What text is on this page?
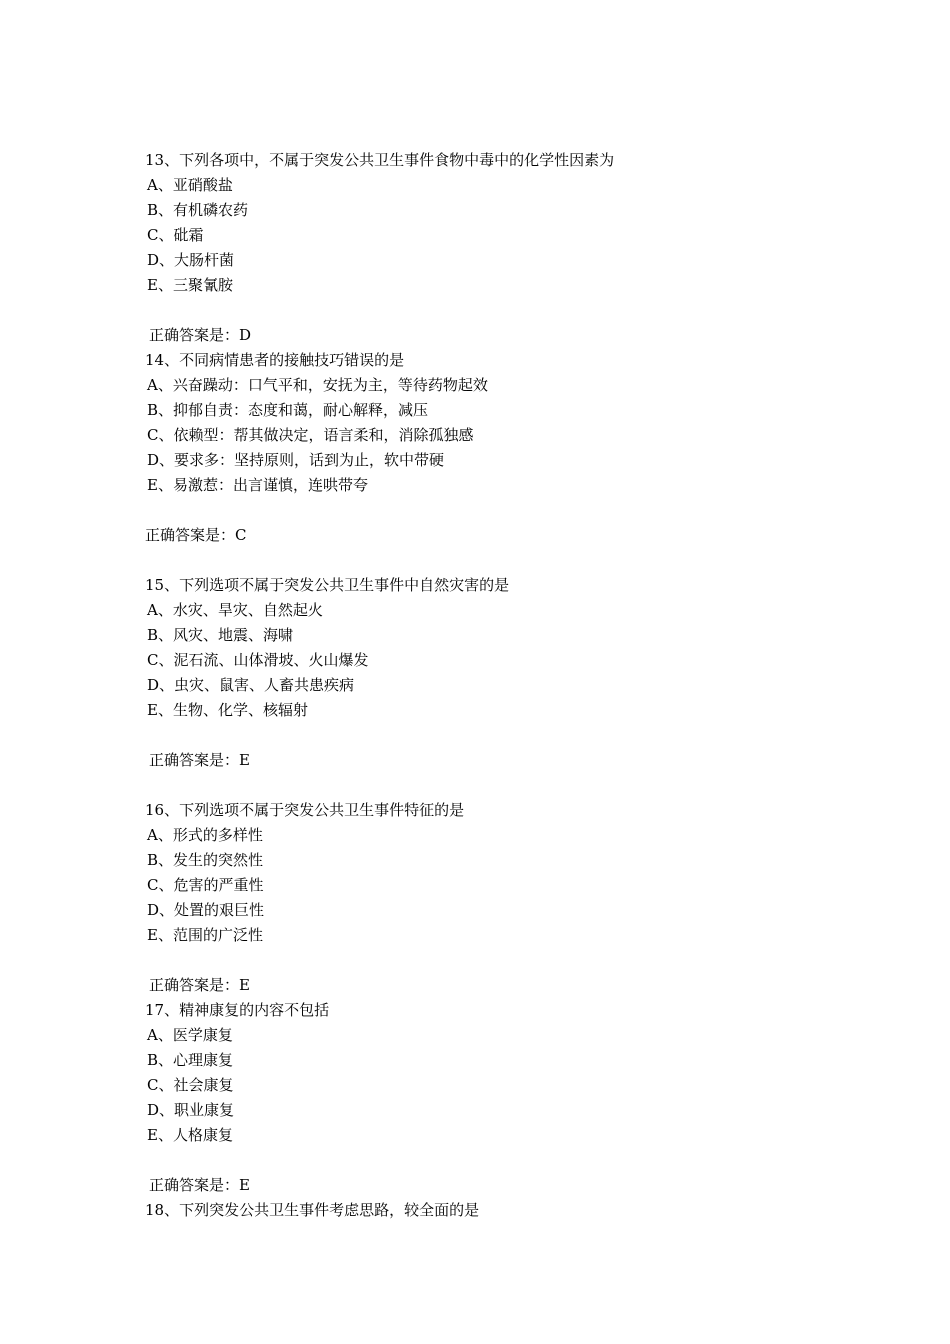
13、下列各项中，不属于突发公共卫生事件食物中毒中的化学性因素为
A、亚硝酸盐
B、有机磷农药
C、砒霜
D、大肠杆菌
E、三聚氰胺
正确答案是：D
14、不同病情患者的接触技巧错误的是
A、兴奋躁动：口气平和，安抚为主，等待药物起效
B、抑郁自责：态度和蔼，耐心解释，减压
C、依赖型：帮其做决定，语言柔和，消除孤独感
D、要求多：坚持原则，话到为止，软中带硬
E、易激惹：出言谨慎，连哄带夸
正确答案是：C
15、下列选项不属于突发公共卫生事件中自然灾害的是
A、水灾、旱灾、自然起火
B、风灾、地震、海啸
C、泥石流、山体滑坡、火山爆发
D、虫灾、鼠害、人畜共患疾病
E、生物、化学、核辐射
正确答案是：E
16、下列选项不属于突发公共卫生事件特征的是
A、形式的多样性
B、发生的突然性
C、危害的严重性
D、处置的艰巨性
E、范围的广泛性
正确答案是：E
17、精神康复的内容不包括
A、医学康复
B、心理康复
C、社会康复
D、职业康复
E、人格康复
正确答案是：E
18、下列突发公共卫生事件考虑思路，较全面的是
